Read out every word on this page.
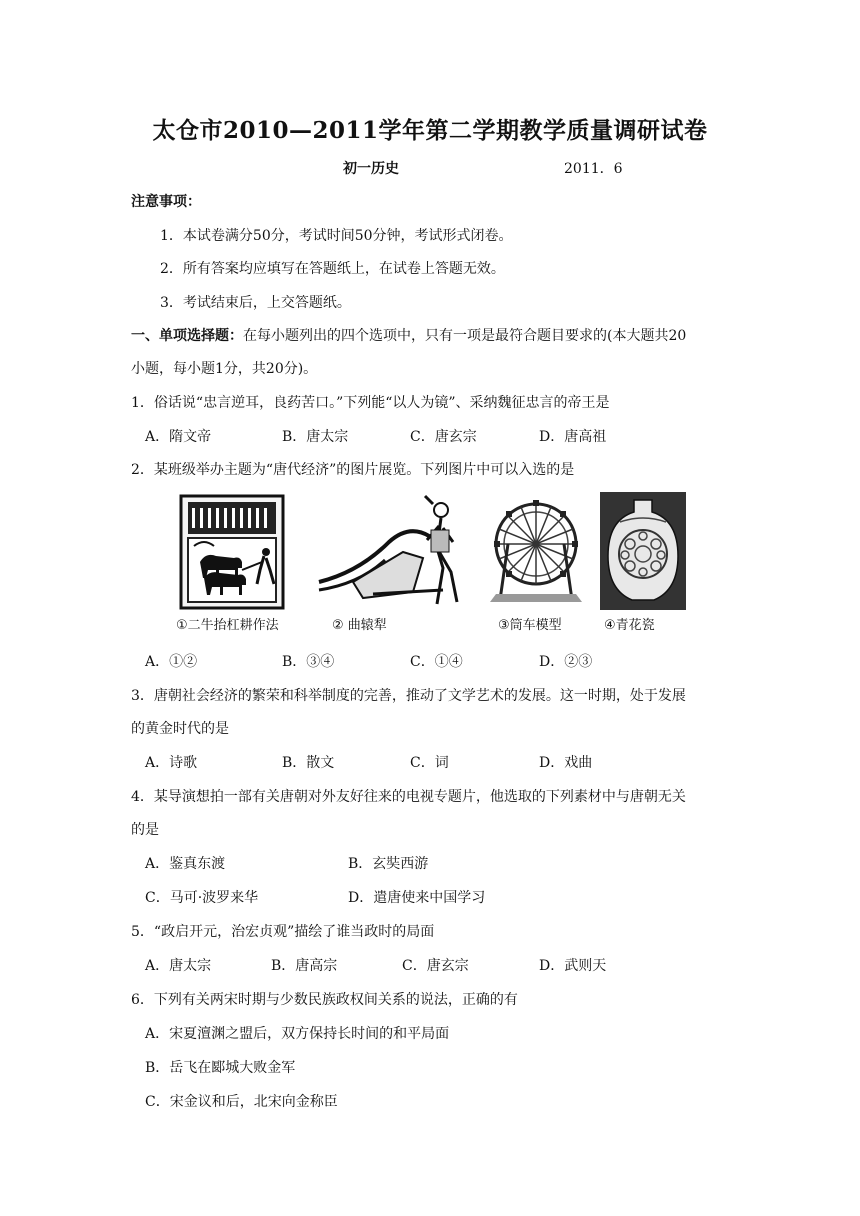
太仓市2010—2011学年第二学期教学质量调研试卷
初一历史	2011．6
注意事项：
1．本试卷满分50分，考试时间50分钟，考试形式闭卷。
2．所有答案均应填写在答题纸上，在试卷上答题无效。
3．考试结束后，上交答题纸。
一、单项选择题：在每小题列出的四个选项中，只有一项是最符合题目要求的(本大题共20
小题，每小题1分，共20分)。
1．俗话说“忠言逆耳，良药苦口。”下列能“以人为镜”、采纳魏征忠言的帝王是
A．隋文帝	B．唐太宗	C．唐玄宗	D．唐高祖
2．某班级举办主题为“唐代经济”的图片展览。下列图片中可以入选的是
①二牛抬杠耕作法	② 曲辕犁	③筒车模型	④青花瓷
A．①②	B．③④	C．①④	D．②③
3．唐朝社会经济的繁荣和科举制度的完善，推动了文学艺术的发展。这一时期，处于发展
的黄金时代的是
A．诗歌	B．散文	C．词	D．戏曲
4．某导演想拍一部有关唐朝对外友好往来的电视专题片，他选取的下列素材中与唐朝无关
的是
A．鉴真东渡	B．玄奘西游
C．马可·波罗来华	D．遣唐使来中国学习
5．“政启开元，治宏贞观”描绘了谁当政时的局面
A．唐太宗	B．唐高宗	C．唐玄宗	D．武则天
6．下列有关两宋时期与少数民族政权间关系的说法，正确的有
A．宋夏澶渊之盟后，双方保持长时间的和平局面
B．岳飞在郾城大败金军
C．宋金议和后，北宋向金称臣
